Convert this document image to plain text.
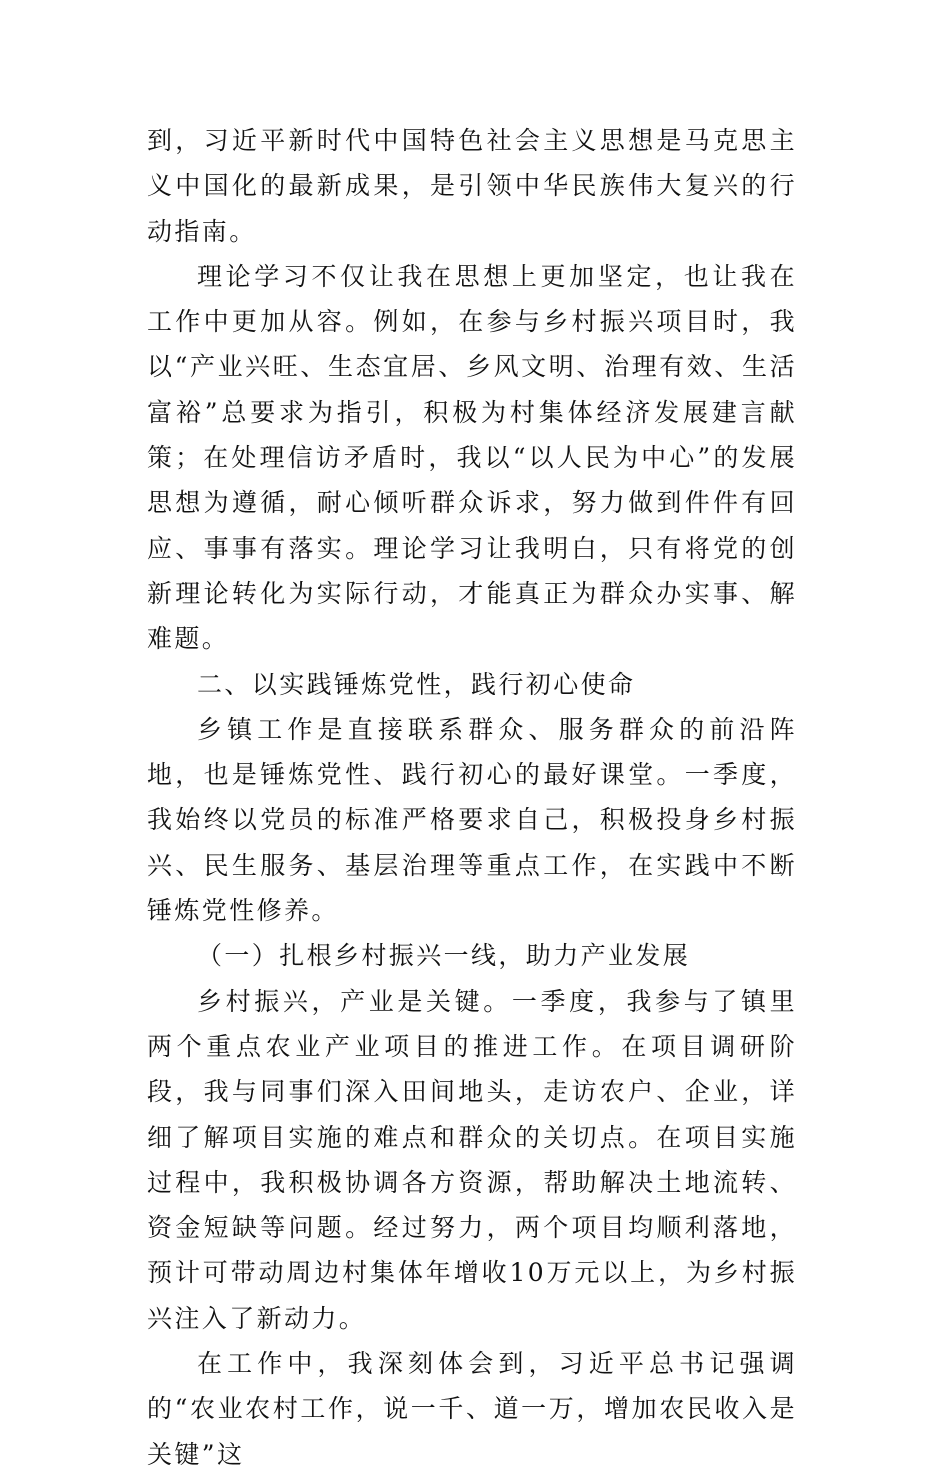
到，习近平新时代中国特色社会主义思想是马克思主义中国化的最新成果，是引领中华民族伟大复兴的行动指南。

理论学习不仅让我在思想上更加坚定，也让我在工作中更加从容。例如，在参与乡村振兴项目时，我以“产业兴旺、生态宜居、乡风文明、治理有效、生活富裕”总要求为指引，积极为村集体经济发展建言献策；在处理信访矛盾时，我以“以人民为中心”的发展思想为遵循，耐心倾听群众诉求，努力做到件件有回应、事事有落实。理论学习让我明白，只有将党的创新理论转化为实际行动，才能真正为群众办实事、解难题。

二、以实践锤炼党性，践行初心使命

乡镇工作是直接联系群众、服务群众的前沿阵地，也是锤炼党性、践行初心的最好课堂。一季度，我始终以党员的标准严格要求自己，积极投身乡村振兴、民生服务、基层治理等重点工作，在实践中不断锤炼党性修养。

（一）扎根乡村振兴一线，助力产业发展

乡村振兴，产业是关键。一季度，我参与了镇里两个重点农业产业项目的推进工作。在项目调研阶段，我与同事们深入田间地头，走访农户、企业，详细了解项目实施的难点和群众的关切点。在项目实施过程中，我积极协调各方资源，帮助解决土地流转、资金短缺等问题。经过努力，两个项目均顺利落地，预计可带动周边村集体年增收10万元以上，为乡村振兴注入了新动力。

在工作中，我深刻体会到，习近平总书记强调的“农业农村工作，说一千、道一万，增加农民收入是关键”这
